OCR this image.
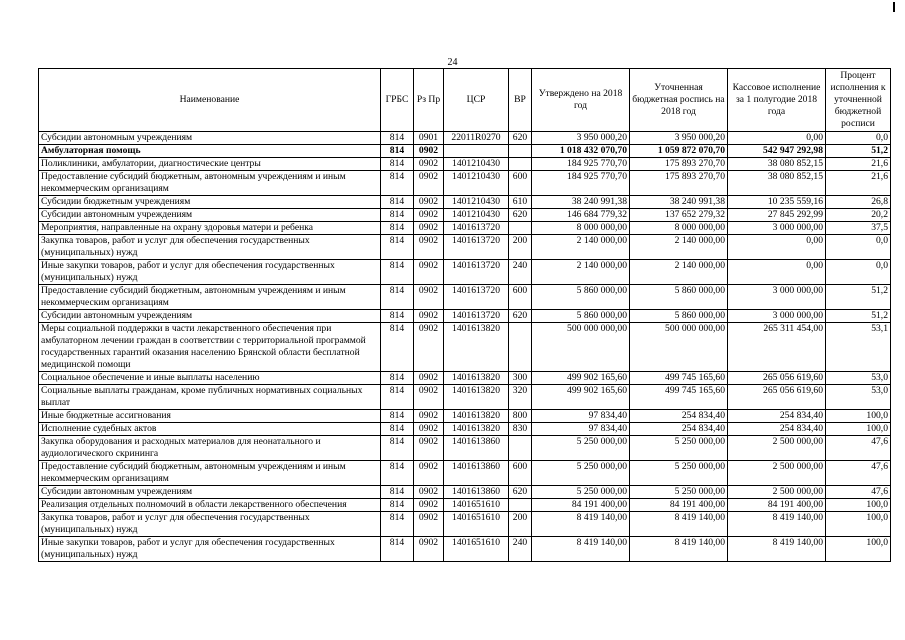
24
Наименование	ГРБС	Рз Пр	ЦСР	ВР	Утверждено на 2018 год	Уточненная бюджетная роспись на 2018 год	Кассовое исполнение за 1 полугодие 2018 года	Процент исполнения к уточненной бюджетной росписи
Субсидии автономным учреждениям	814	0901	22011R0270	620	3 950 000,20	3 950 000,20	0,00	0,0
Амбулаторная помощь	814	0902			1 018 432 070,70	1 059 872 070,70	542 947 292,98	51,2
Поликлиники, амбулатории, диагностические центры	814	0902	1401210430		184 925 770,70	175 893 270,70	38 080 852,15	21,6
Предоставление субсидий бюджетным, автономным учреждениям и иным некоммерческим организациям	814	0902	1401210430	600	184 925 770,70	175 893 270,70	38 080 852,15	21,6
Субсидии бюджетным учреждениям	814	0902	1401210430	610	38 240 991,38	38 240 991,38	10 235 559,16	26,8
Субсидии автономным учреждениям	814	0902	1401210430	620	146 684 779,32	137 652 279,32	27 845 292,99	20,2
Мероприятия, направленные на охрану здоровья матери и ребенка	814	0902	1401613720		8 000 000,00	8 000 000,00	3 000 000,00	37,5
Закупка товаров, работ и услуг для обеспечения государственных (муниципальных) нужд	814	0902	1401613720	200	2 140 000,00	2 140 000,00	0,00	0,0
Иные закупки товаров, работ и услуг для обеспечения государственных (муниципальных) нужд	814	0902	1401613720	240	2 140 000,00	2 140 000,00	0,00	0,0
Предоставление субсидий бюджетным, автономным учреждениям и иным некоммерческим организациям	814	0902	1401613720	600	5 860 000,00	5 860 000,00	3 000 000,00	51,2
Субсидии автономным учреждениям	814	0902	1401613720	620	5 860 000,00	5 860 000,00	3 000 000,00	51,2
Меры социальной поддержки в части лекарственного обеспечения при амбулаторном лечении граждан в соответствии с территориальной программой государственных гарантий оказания населению Брянской области бесплатной медицинской помощи	814	0902	1401613820		500 000 000,00	500 000 000,00	265 311 454,00	53,1
Социальное обеспечение и иные выплаты населению	814	0902	1401613820	300	499 902 165,60	499 745 165,60	265 056 619,60	53,0
Социальные выплаты гражданам, кроме публичных нормативных социальных выплат	814	0902	1401613820	320	499 902 165,60	499 745 165,60	265 056 619,60	53,0
Иные бюджетные ассигнования	814	0902	1401613820	800	97 834,40	254 834,40	254 834,40	100,0
Исполнение судебных актов	814	0902	1401613820	830	97 834,40	254 834,40	254 834,40	100,0
Закупка оборудования и расходных материалов для неонатального и аудиологического скрининга	814	0902	1401613860		5 250 000,00	5 250 000,00	2 500 000,00	47,6
Предоставление субсидий бюджетным, автономным учреждениям и иным некоммерческим организациям	814	0902	1401613860	600	5 250 000,00	5 250 000,00	2 500 000,00	47,6
Субсидии автономным учреждениям	814	0902	1401613860	620	5 250 000,00	5 250 000,00	2 500 000,00	47,6
Реализация отдельных полномочий в области лекарственного обеспечения	814	0902	1401651610		84 191 400,00	84 191 400,00	84 191 400,00	100,0
Закупка товаров, работ и услуг для обеспечения государственных (муниципальных) нужд	814	0902	1401651610	200	8 419 140,00	8 419 140,00	8 419 140,00	100,0
Иные закупки товаров, работ и услуг для обеспечения государственных (муниципальных) нужд	814	0902	1401651610	240	8 419 140,00	8 419 140,00	8 419 140,00	100,0
